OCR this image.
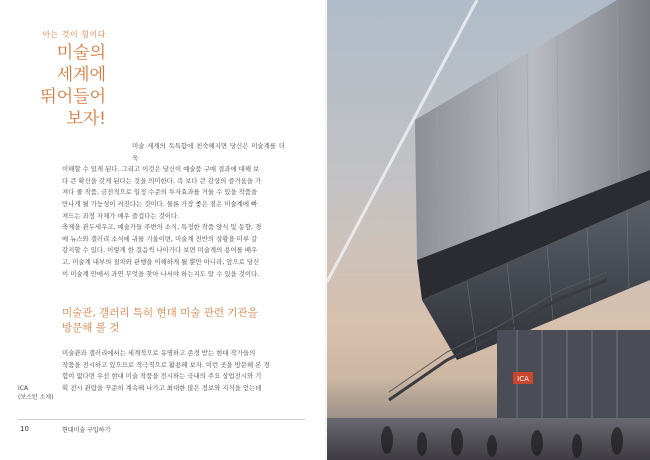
아는 것이 힘이다
미술의
세계에
뛰어들어
보자!

미술 세계의 독특함에 친숙해지면 당신은 미술계를 더욱

이해할 수 있게 된다. 그리고 이것은 당신이 예술품 구매 결과에 대해 보

다 큰 확신을 갖게 된다는 것을 의미한다. 즉 보다 큰 감상의 즐거움을 가

져다 줄 작품, 금전적으로 일정 수준의 투자효과를 거둘 수 있을 작품을

만나게 될 가능성이 커진다는 것이다. 물론 가장 좋은 점은 미술계에 빠

져드는 과정 자체가 매우 즐겁다는 것이다.

축제을 관두세우고, 예술가들 주변의 소식, 특정한 작품 양식 및 동향, 경

매 뉴스와 갤러리 소식에 귀를 기울이면, 미술계 전반의 상황을 미루 갈

감지할 수 있다. 이렇게 한 걸음씩 나아가다 보면 미술계의 용어를 배우

고, 미술계 내부의 절차와 관행을 이해하게 될 뿐만 아니라, 앞으로 당신

이 미술계 안에서 과연 무엇을 찾아 나서야 하는지도 알 수 있을 것이다.

미술관, 갤러리 특히 현대 미술 관련 기관을
방문해 볼 것

미술관과 갤러리에서는 세계적으로 유명하고 존경 받는 현대 작가들의

작품을 전시하고 있으므로 적극적으로 활용해 보자. 이런 곳을 방문해 본 경

험이 없다면 우선 현대 미술 작품을 전시하는 국내의 주요 상업전시와 기

획 전시 관람을 꾸준히 계속해 나가고 최대한 많은 정보와 지식을 얻는데

ICA
(보스턴 소재)
10	현대미술 구입하기
ICA
